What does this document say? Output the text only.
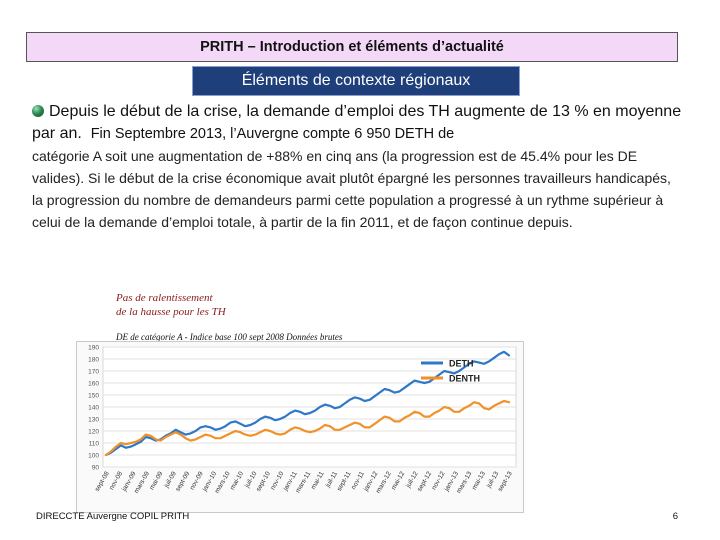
PRITH – Introduction et éléments d’actualité
Éléments de contexte régionaux
Depuis le début de la crise, la demande d’emploi des TH augmente de 13 % en moyenne par an. Fin Septembre 2013, l’Auvergne compte 6 950 DETH de
catégorie A soit une augmentation de +88% en cinq ans (la progression est de 45.4% pour les DE valides). Si le début de la crise économique avait plutôt épargné les personnes travailleurs handicapés, la progression du nombre de demandeurs parmi cette population a progressé à un rythme supérieur à celui de la demande d’emploi totale, à partir de la fin 2011, et de façon continue depuis.
Pas de ralentissement
de la hausse pour les TH
DE de catégorie A - Indice base 100 sept 2008 Données brutes
90
100
110
120
130
140
150
160
170
180
190
sept-08
nov-08
janv-09
mars-09
mai-09
juil-09
sept-09
nov-09
janv-10
mars-10
mai-10
juil-10
sept-10
nov-10
janv-11
mars-11
mai-11
juil-11
sept-11
nov-11
janv-12
mars-12
mai-12
juil-12
sept-12
nov-12
janv-13
mars-13
mai-13
juil-13
sept-13
DETH
DENTH
DIRECCTE Auvergne COPIL PRITH	6
